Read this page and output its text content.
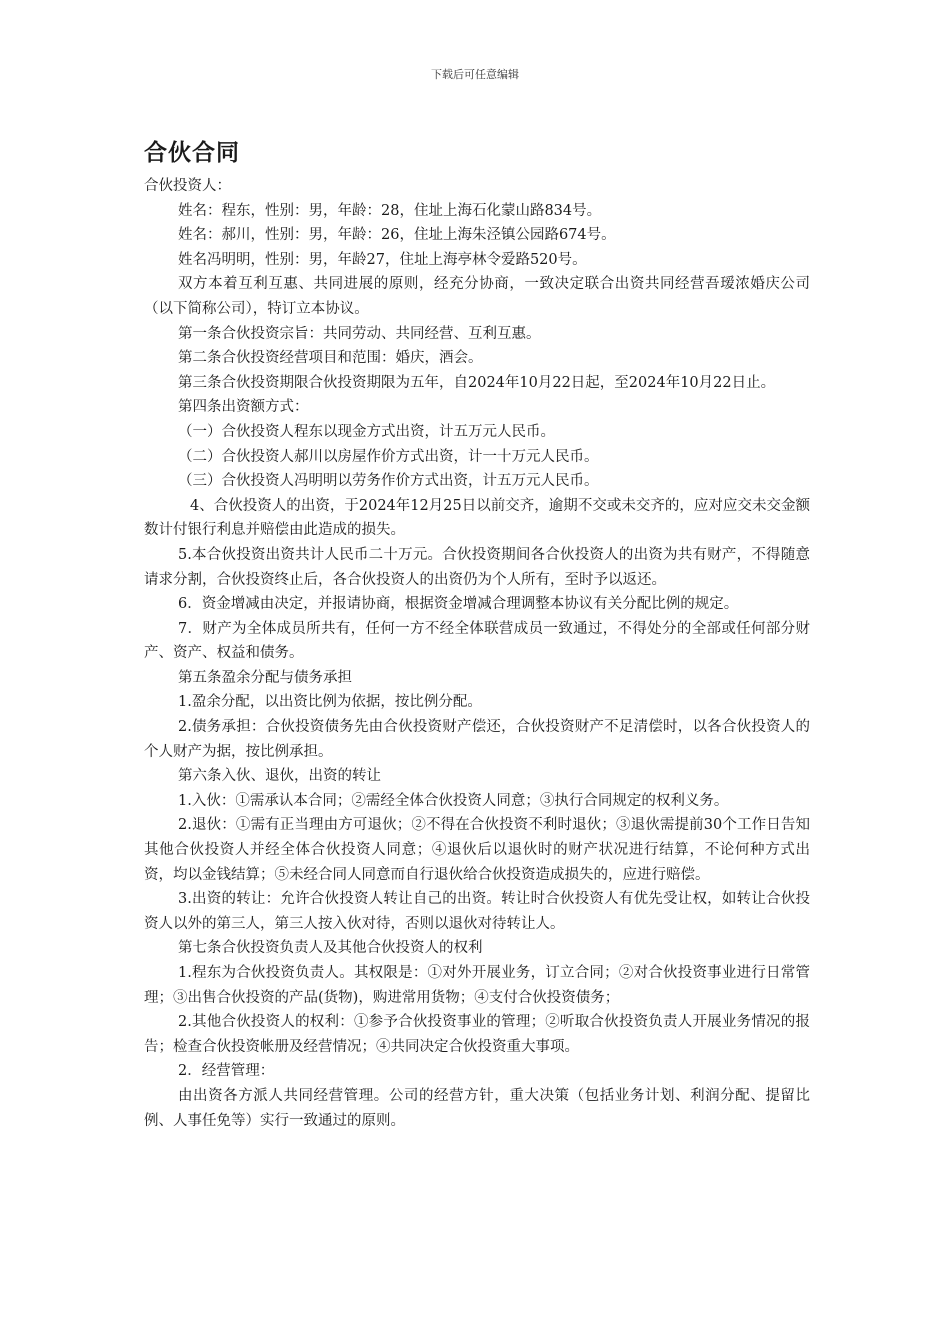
下载后可任意编辑
合伙合同

合伙投资人：

姓名：程东，性别：男，年龄：28，住址上海石化蒙山路834号。

姓名：郝川，性别：男，年龄：26，住址上海朱泾镇公园路674号。

姓名冯明明，性别：男，年龄27，住址上海亭林令爱路520号。

双方本着互利互惠、共同进展的原则，经充分协商，一致决定联合出资共同经营吾瑷浓婚庆公司（以下简称公司），特订立本协议。

第一条合伙投资宗旨：共同劳动、共同经营、互利互惠。

第二条合伙投资经营项目和范围：婚庆，酒会。

第三条合伙投资期限合伙投资期限为五年，自2024年10月22日起，至2024年10月22日止。

第四条出资额方式：

（一）合伙投资人程东以现金方式出资，计五万元人民币。

（二）合伙投资人郝川以房屋作价方式出资，计一十万元人民币。

（三）合伙投资人冯明明以劳务作价方式出资，计五万元人民币。

4、合伙投资人的出资，于2024年12月25日以前交齐，逾期不交或未交齐的，应对应交未交金额数计付银行利息并赔偿由此造成的损失。

5.本合伙投资出资共计人民币二十万元。合伙投资期间各合伙投资人的出资为共有财产，不得随意请求分割，合伙投资终止后，各合伙投资人的出资仍为个人所有，至时予以返还。

6．资金增减由决定，并报请协商，根据资金增减合理调整本协议有关分配比例的规定。

7．财产为全体成员所共有，任何一方不经全体联营成员一致通过，不得处分的全部或任何部分财产、资产、权益和债务。

第五条盈余分配与债务承担

1.盈余分配，以出资比例为依据，按比例分配。

2.债务承担：合伙投资债务先由合伙投资财产偿还，合伙投资财产不足清偿时，以各合伙投资人的个人财产为据，按比例承担。

第六条入伙、退伙，出资的转让

1.入伙：①需承认本合同；②需经全体合伙投资人同意；③执行合同规定的权利义务。

2.退伙：①需有正当理由方可退伙；②不得在合伙投资不利时退伙；③退伙需提前30个工作日告知其他合伙投资人并经全体合伙投资人同意；④退伙后以退伙时的财产状况进行结算，不论何种方式出资，均以金钱结算；⑤未经合同人同意而自行退伙给合伙投资造成损失的，应进行赔偿。

3.出资的转让：允许合伙投资人转让自己的出资。转让时合伙投资人有优先受让权，如转让合伙投资人以外的第三人，第三人按入伙对待，否则以退伙对待转让人。

第七条合伙投资负责人及其他合伙投资人的权利

1.程东为合伙投资负责人。其权限是：①对外开展业务，订立合同；②对合伙投资事业进行日常管理；③出售合伙投资的产品(货物)，购进常用货物；④支付合伙投资债务；

2.其他合伙投资人的权利：①参予合伙投资事业的管理；②听取合伙投资负责人开展业务情况的报告；检查合伙投资帐册及经营情况；④共同决定合伙投资重大事项。

2．经营管理：

由出资各方派人共同经营管理。公司的经营方针，重大决策（包括业务计划、利润分配、提留比例、人事任免等）实行一致通过的原则。
